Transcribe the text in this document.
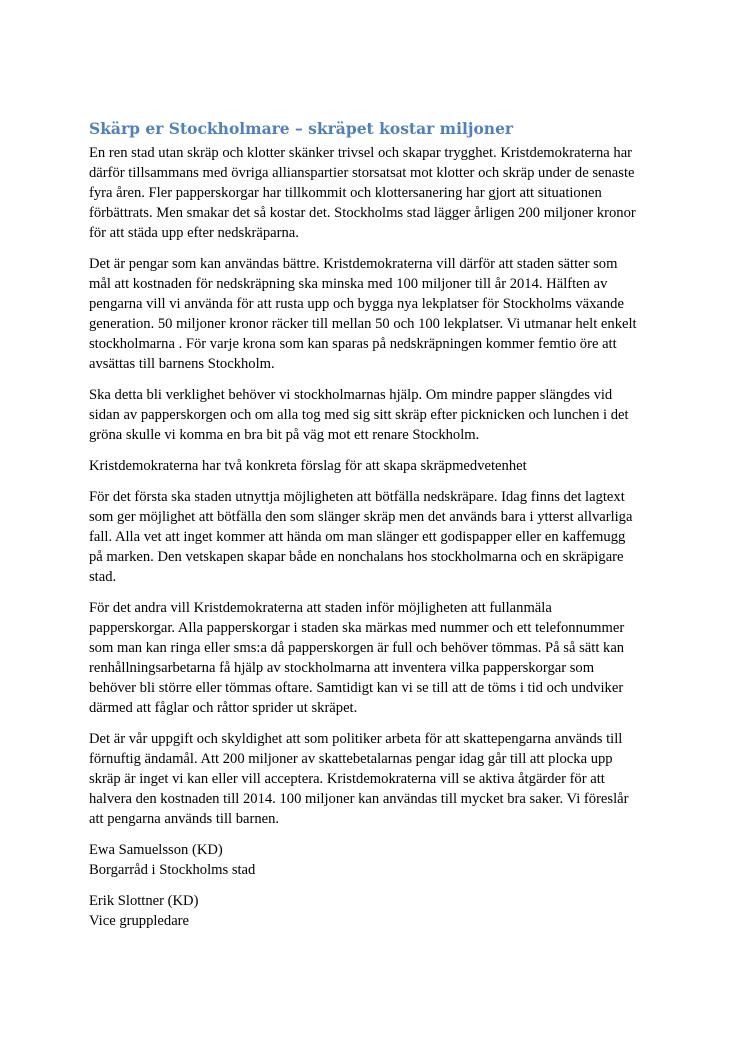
Skärp er Stockholmare – skräpet kostar miljoner

En ren stad utan skräp och klotter skänker trivsel och skapar trygghet. Kristdemokraterna har
därför tillsammans med övriga allianspartier storsatsat mot klotter och skräp under de senaste
fyra åren. Fler papperskorgar har tillkommit och klottersanering har gjort att situationen
förbättrats. Men smakar det så kostar det. Stockholms stad lägger årligen 200 miljoner kronor
för att städa upp efter nedskräparna.

Det är pengar som kan användas bättre. Kristdemokraterna vill därför att staden sätter som
mål att kostnaden för nedskräpning ska minska med 100 miljoner till år 2014. Hälften av
pengarna vill vi använda för att rusta upp och bygga nya lekplatser för Stockholms växande
generation. 50 miljoner kronor räcker till mellan 50 och 100 lekplatser. Vi utmanar helt enkelt
stockholmarna . För varje krona som kan sparas på nedskräpningen kommer femtio öre att
avsättas till barnens Stockholm.

Ska detta bli verklighet behöver vi stockholmarnas hjälp. Om mindre papper slängdes vid
sidan av papperskorgen och om alla tog med sig sitt skräp efter picknicken och lunchen i det
gröna skulle vi komma en bra bit på väg mot ett renare Stockholm.

Kristdemokraterna har två konkreta förslag för att skapa skräpmedvetenhet

För det första ska staden utnyttja möjligheten att bötfälla nedskräpare. Idag finns det lagtext
som ger möjlighet att bötfälla den som slänger skräp men det används bara i ytterst allvarliga
fall. Alla vet att inget kommer att hända om man slänger ett godispapper eller en kaffemugg
på marken. Den vetskapen skapar både en nonchalans hos stockholmarna och en skräpigare
stad.

För det andra vill Kristdemokraterna att staden inför möjligheten att fullanmäla
papperskorgar. Alla papperskorgar i staden ska märkas med nummer och ett telefonnummer
som man kan ringa eller sms:a då papperskorgen är full och behöver tömmas. På så sätt kan
renhållningsarbetarna få hjälp av stockholmarna att inventera vilka papperskorgar som
behöver bli större eller tömmas oftare. Samtidigt kan vi se till att de töms i tid och undviker
därmed att fåglar och råttor sprider ut skräpet.

Det är vår uppgift och skyldighet att som politiker arbeta för att skattepengarna används till
förnuftig ändamål. Att 200 miljoner av skattebetalarnas pengar idag går till att plocka upp
skräp är inget vi kan eller vill acceptera. Kristdemokraterna vill se aktiva åtgärder för att
halvera den kostnaden till 2014. 100 miljoner kan användas till mycket bra saker. Vi föreslår
att pengarna används till barnen.

Ewa Samuelsson (KD)
Borgarråd i Stockholms stad

Erik Slottner (KD)
Vice gruppledare
